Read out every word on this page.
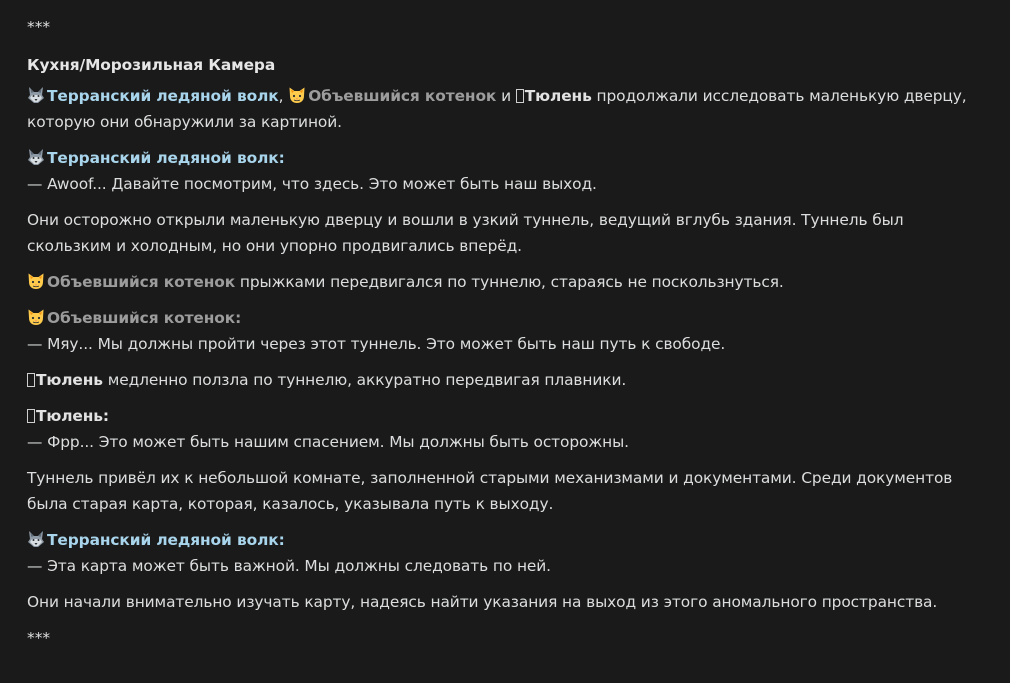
***
Кухня/Морозильная Камера
Терранский ледяной волк, Объевшийся котенок и Тюлень продолжали исследовать маленькую дверцу, которую они обнаружили за картиной.
Терранский ледяной волк:
— Awoof... Давайте посмотрим, что здесь. Это может быть наш выход.
Они осторожно открыли маленькую дверцу и вошли в узкий туннель, ведущий вглубь здания. Туннель был скользким и холодным, но они упорно продвигались вперёд.
Объевшийся котенок прыжками передвигался по туннелю, стараясь не поскользнуться.
Объевшийся котенок:
— Мяу... Мы должны пройти через этот туннель. Это может быть наш путь к свободе.
Тюлень медленно ползла по туннелю, аккуратно передвигая плавники.
Тюлень:
— Фрр... Это может быть нашим спасением. Мы должны быть осторожны.
Туннель привёл их к небольшой комнате, заполненной старыми механизмами и документами. Среди документов была старая карта, которая, казалось, указывала путь к выходу.
Терранский ледяной волк:
— Эта карта может быть важной. Мы должны следовать по ней.
Они начали внимательно изучать карту, надеясь найти указания на выход из этого аномального пространства.
***
